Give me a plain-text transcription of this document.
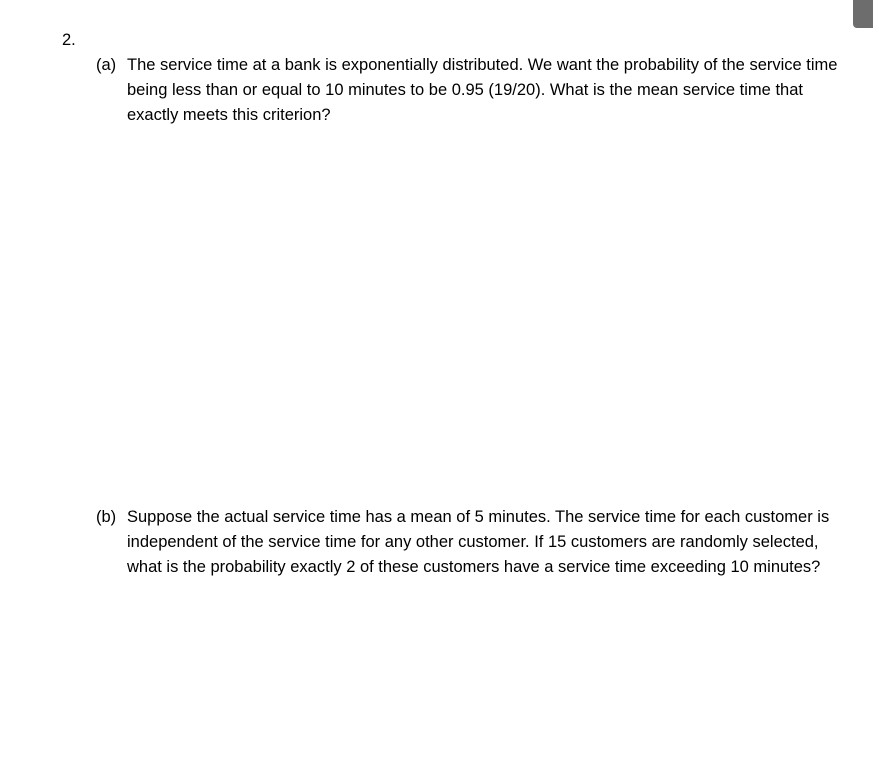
2.
(a) The service time at a bank is exponentially distributed. We want the probability of the service time being less than or equal to 10 minutes to be 0.95 (19/20). What is the mean service time that exactly meets this criterion?
(b) Suppose the actual service time has a mean of 5 minutes. The service time for each customer is independent of the service time for any other customer. If 15 customers are randomly selected, what is the probability exactly 2 of these customers have a service time exceeding 10 minutes?
